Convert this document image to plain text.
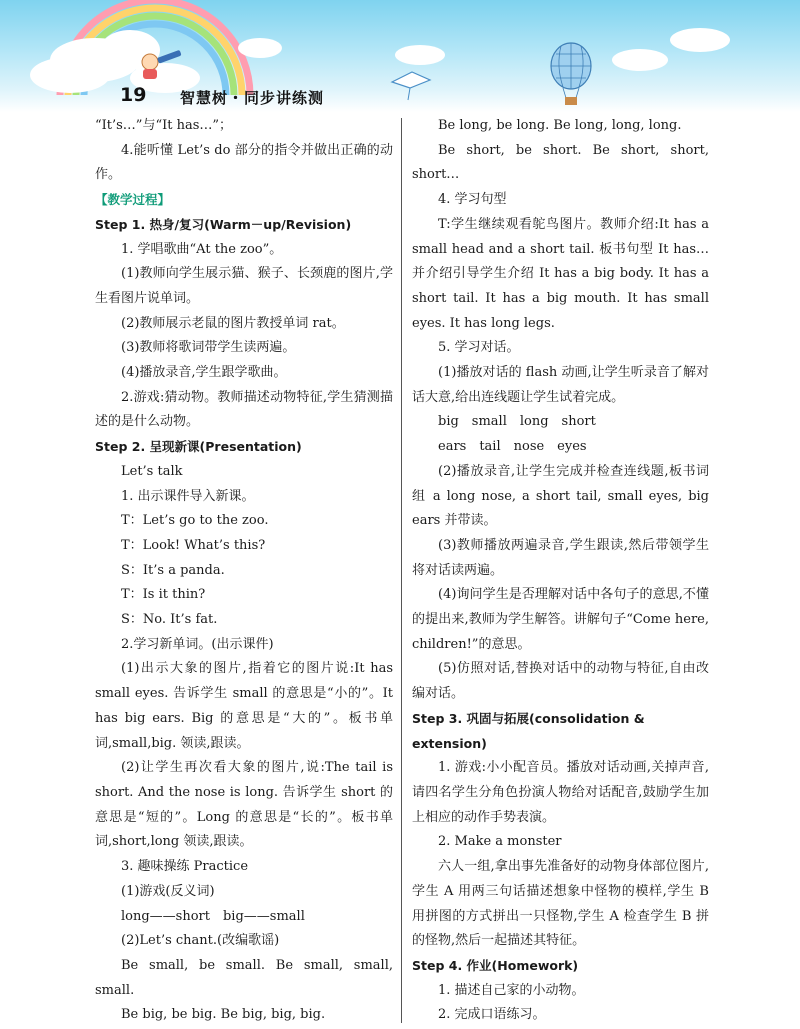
19 智慧树・同步讲练测

“It’s…”与“It has…”；

4.能听懂 Let’s do 部分的指令并做出正确的动作。

【教学过程】

Step 1. 热身/复习(Warm－up/Revision)

1. 学唱歌曲“At the zoo”。

(1)教师向学生展示猫、猴子、长颈鹿的图片,学生看图片说单词。

(2)教师展示老鼠的图片教授单词 rat。

(3)教师将歌词带学生读两遍。

(4)播放录音,学生跟学歌曲。

2.游戏:猜动物。教师描述动物特征,学生猜测描述的是什么动物。

Step 2. 呈现新课(Presentation)

Let’s talk

1. 出示课件导入新课。

T：Let’s go to the zoo.

T：Look! What’s this?

S：It’s a panda.

T：Is it thin?

S：No. It’s fat.

2.学习新单词。(出示课件)

(1)出示大象的图片,指着它的图片说:It has small eyes. 告诉学生 small 的意思是“小的”。It has big ears. Big 的意思是“大的”。板书单词,small,big. 领读,跟读。

(2)让学生再次看大象的图片,说:The tail is short. And the nose is long. 告诉学生 short 的意思是“短的”。Long 的意思是“长的”。板书单词,short,long 领读,跟读。

3. 趣味操练 Practice

(1)游戏(反义词)

long——short　big——small

(2)Let’s chant.(改编歌谣)

Be small, be small. Be small, small, small.

Be big, be big. Be big, big, big.

Be long, be long. Be long, long, long.

Be short, be short. Be short, short, short…

4. 学习句型

T:学生继续观看鸵鸟图片。教师介绍:It has a small head and a short tail. 板书句型 It has… 并介绍引导学生介绍 It has a big body. It has a short tail. It has a big mouth. It has small eyes. It has long legs.

5. 学习对话。

(1)播放对话的 flash 动画,让学生听录音了解对话大意,给出连线题让学生试着完成。

big　small　long　short

ears　tail　nose　eyes

(2)播放录音,让学生完成并检查连线题,板书词组 a long nose, a short tail, small eyes, big ears 并带读。

(3)教师播放两遍录音,学生跟读,然后带领学生将对话读两遍。

(4)询问学生是否理解对话中各句子的意思,不懂的提出来,教师为学生解答。讲解句子“Come here, children!”的意思。

(5)仿照对话,替换对话中的动物与特征,自由改编对话。

Step 3. 巩固与拓展(consolidation & extension)

1. 游戏:小小配音员。播放对话动画,关掉声音,请四名学生分角色扮演人物给对话配音,鼓励学生加上相应的动作手势表演。

2. Make a monster

六人一组,拿出事先准备好的动物身体部位图片,学生 A 用两三句话描述想象中怪物的模样,学生 B 用拼图的方式拼出一只怪物,学生 A 检查学生 B 拼的怪物,然后一起描述其特征。

Step 4. 作业(Homework)

1. 描述自己家的小动物。

2. 完成口语练习。
